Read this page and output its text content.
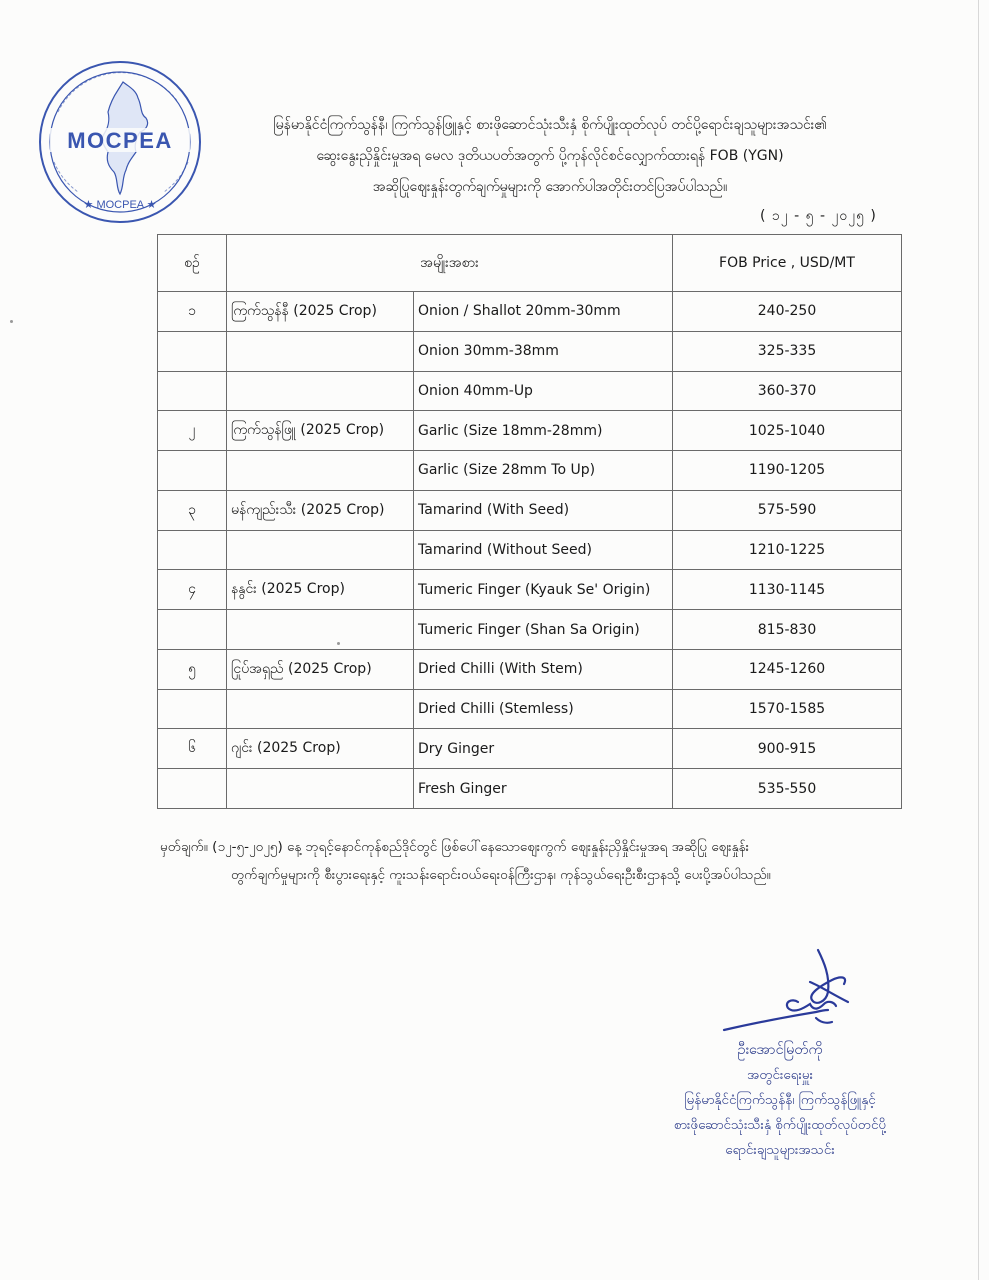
MOCPEA
★ MOCPEA ★
မြန်မာနိုင်ငံကြက်သွန်နီ၊ ကြက်သွန်ဖြူနှင့် စားဖိုဆောင်သုံးသီးနှံ စိုက်ပျိုးထုတ်လုပ် တင်ပို့ရောင်းချသူများအသင်း၏
ဆွေးနွေးညှိနှိုင်းမှုအရ မေလ ဒုတိယပတ်အတွက် ပို့ကုန်လိုင်စင်လျှောက်ထားရန် FOB (YGN)
အဆိုပြုဈေးနှုန်းတွက်ချက်မှုများကို အောက်ပါအတိုင်းတင်ပြအပ်ပါသည်။
( ၁၂ - ၅ - ၂၀၂၅ )
စဉ်	အမျိုးအစား		FOB Price , USD/MT
၁	ကြက်သွန်နီ (2025 Crop)	Onion / Shallot 20mm-30mm	240-250
		Onion 30mm-38mm	325-335
		Onion 40mm-Up	360-370
၂	ကြက်သွန်ဖြူ (2025 Crop)	Garlic (Size 18mm-28mm)	1025-1040
		Garlic (Size 28mm To Up)	1190-1205
၃	မန်ကျည်းသီး (2025 Crop)	Tamarind (With Seed)	575-590
		Tamarind (Without Seed)	1210-1225
၄	နနွင်း (2025 Crop)	Tumeric Finger (Kyauk Se' Origin)	1130-1145
		Tumeric Finger (Shan Sa Origin)	815-830
၅	ငြုပ်အရှည် (2025 Crop)	Dried Chilli (With Stem)	1245-1260
		Dried Chilli (Stemless)	1570-1585
၆	ဂျင်း (2025 Crop)	Dry Ginger	900-915
		Fresh Ginger	535-550
မှတ်ချက်။ (၁၂-၅-၂၀၂၅) နေ့ ဘုရင့်နောင်ကုန်စည်ဒိုင်တွင် ဖြစ်ပေါ်နေသောဈေးကွက် ဈေးနှုန်းညှိနှိုင်းမှုအရ အဆိုပြု ဈေးနှုန်း
တွက်ချက်မှုများကို စီးပွားရေးနှင့် ကူးသန်းရောင်းဝယ်ရေးဝန်ကြီးဌာန၊ ကုန်သွယ်ရေးဦးစီးဌာနသို့ ပေးပို့အပ်ပါသည်။
ဦးအောင်မြတ်ကို
အတွင်းရေးမှူး
မြန်မာနိုင်ငံကြက်သွန်နီ၊ ကြက်သွန်ဖြူနှင့်
စားဖိုဆောင်သုံးသီးနှံ စိုက်ပျိုးထုတ်လုပ်တင်ပို့
ရောင်းချသူများအသင်း
